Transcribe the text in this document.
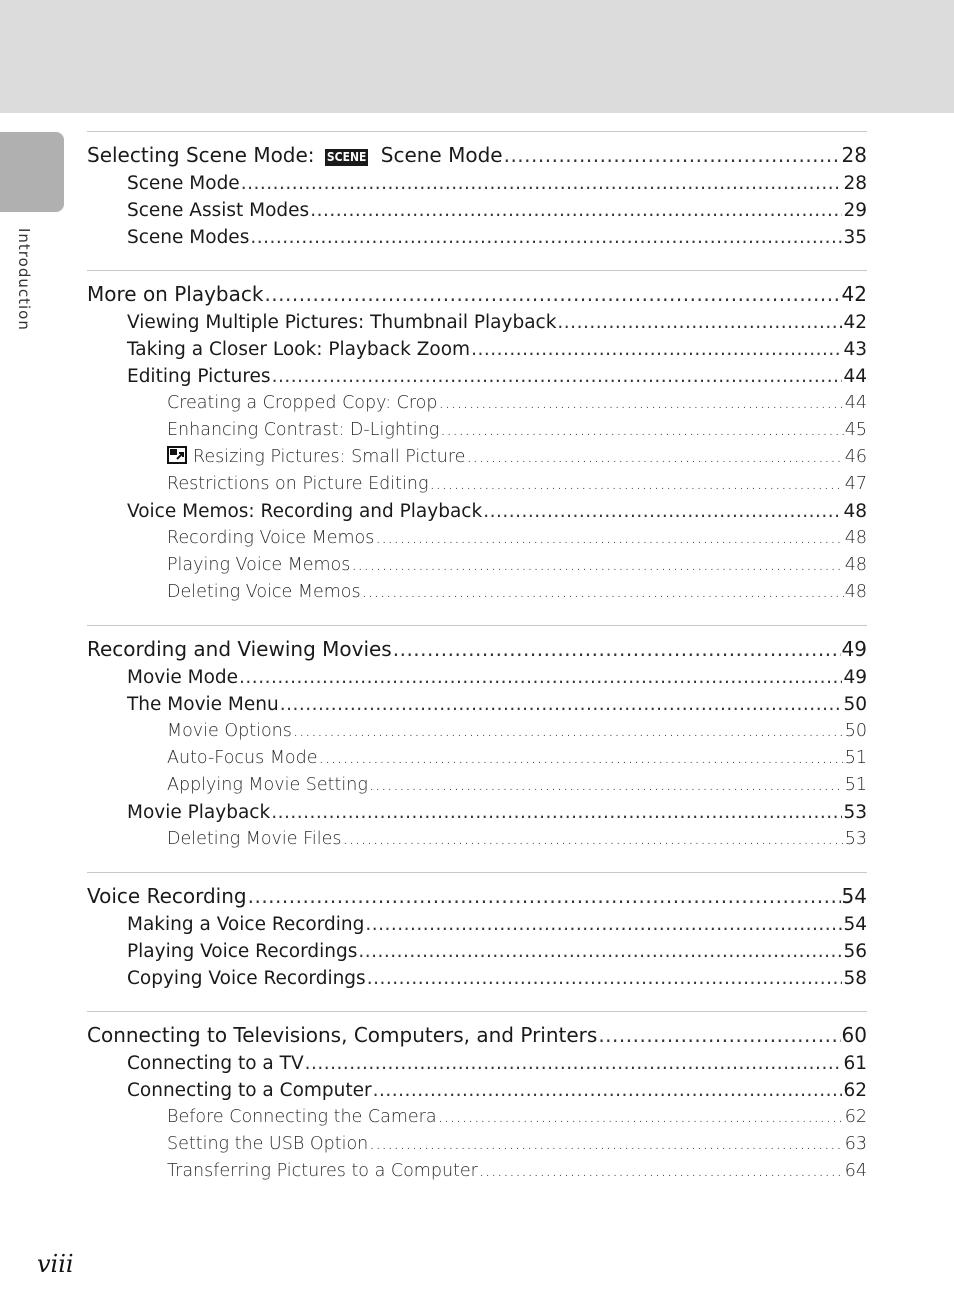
Introduction
Selecting Scene Mode: SCENE Scene Mode .....	28
Scene Mode .....	28
Scene Assist Modes .....	29
Scene Modes .....	35
More on Playback .....	42
Viewing Multiple Pictures: Thumbnail Playback .....	42
Taking a Closer Look: Playback Zoom .....	43
Editing Pictures .....	44
Creating a Cropped Copy: Crop .....	44
Enhancing Contrast: D-Lighting .....	45
Resizing Pictures: Small Picture .....	46
Restrictions on Picture Editing .....	47
Voice Memos: Recording and Playback .....	48
Recording Voice Memos .....	48
Playing Voice Memos .....	48
Deleting Voice Memos .....	48
Recording and Viewing Movies .....	49
Movie Mode .....	49
The Movie Menu .....	50
Movie Options .....	50
Auto-Focus Mode .....	51
Applying Movie Setting .....	51
Movie Playback .....	53
Deleting Movie Files .....	53
Voice Recording .....	54
Making a Voice Recording .....	54
Playing Voice Recordings .....	56
Copying Voice Recordings .....	58
Connecting to Televisions, Computers, and Printers .....	60
Connecting to a TV .....	61
Connecting to a Computer .....	62
Before Connecting the Camera .....	62
Setting the USB Option .....	63
Transferring Pictures to a Computer .....	64
viii
